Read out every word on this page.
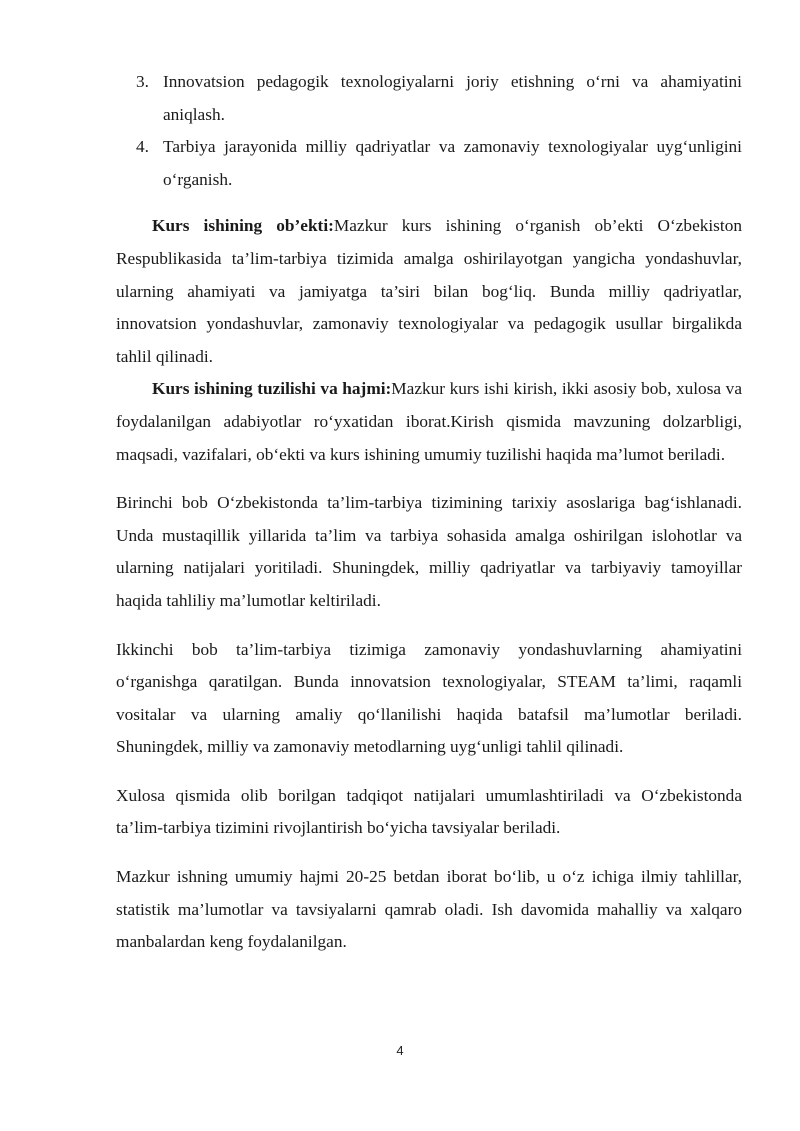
3. Innovatsion pedagogik texnologiyalarni joriy etishning o‘rni va ahamiyatini aniqlash.
4. Tarbiya jarayonida milliy qadriyatlar va zamonaviy texnologiyalar uyg‘unligini o‘rganish.

Kurs ishining ob’ekti:Mazkur kurs ishining o‘rganish ob’ekti O‘zbekiston Respublikasida ta’lim-tarbiya tizimida amalga oshirilayotgan yangicha yondashuvlar, ularning ahamiyati va jamiyatga ta’siri bilan bog‘liq. Bunda milliy qadriyatlar, innovatsion yondashuvlar, zamonaviy texnologiyalar va pedagogik usullar birgalikda tahlil qilinadi.

Kurs ishining tuzilishi va hajmi:Mazkur kurs ishi kirish, ikki asosiy bob, xulosa va foydalanilgan adabiyotlar ro‘yxatidan iborat.Kirish qismida mavzuning dolzarbligi, maqsadi, vazifalari, ob‘ekti va kurs ishining umumiy tuzilishi haqida ma’lumot beriladi.

Birinchi bob O‘zbekistonda ta’lim-tarbiya tizimining tarixiy asoslariga bag‘ishlanadi. Unda mustaqillik yillarida ta’lim va tarbiya sohasida amalga oshirilgan islohotlar va ularning natijalari yoritiladi. Shuningdek, milliy qadriyatlar va tarbiyaviy tamoyillar haqida tahliliy ma’lumotlar keltiriladi.

Ikkinchi bob ta’lim-tarbiya tizimiga zamonaviy yondashuvlarning ahamiyatini o‘rganishga qaratilgan. Bunda innovatsion texnologiyalar, STEAM ta’limi, raqamli vositalar va ularning amaliy qo‘llanilishi haqida batafsil ma’lumotlar beriladi. Shuningdek, milliy va zamonaviy metodlarning uyg‘unligi tahlil qilinadi.

Xulosa qismida olib borilgan tadqiqot natijalari umumlashtiriladi va O‘zbekistonda ta’lim-tarbiya tizimini rivojlantirish bo‘yicha tavsiyalar beriladi.

Mazkur ishning umumiy hajmi 20-25 betdan iborat bo‘lib, u o‘z ichiga ilmiy tahlillar, statistik ma’lumotlar va tavsiyalarni qamrab oladi. Ish davomida mahalliy va xalqaro manbalardan keng foydalanilgan.

4
